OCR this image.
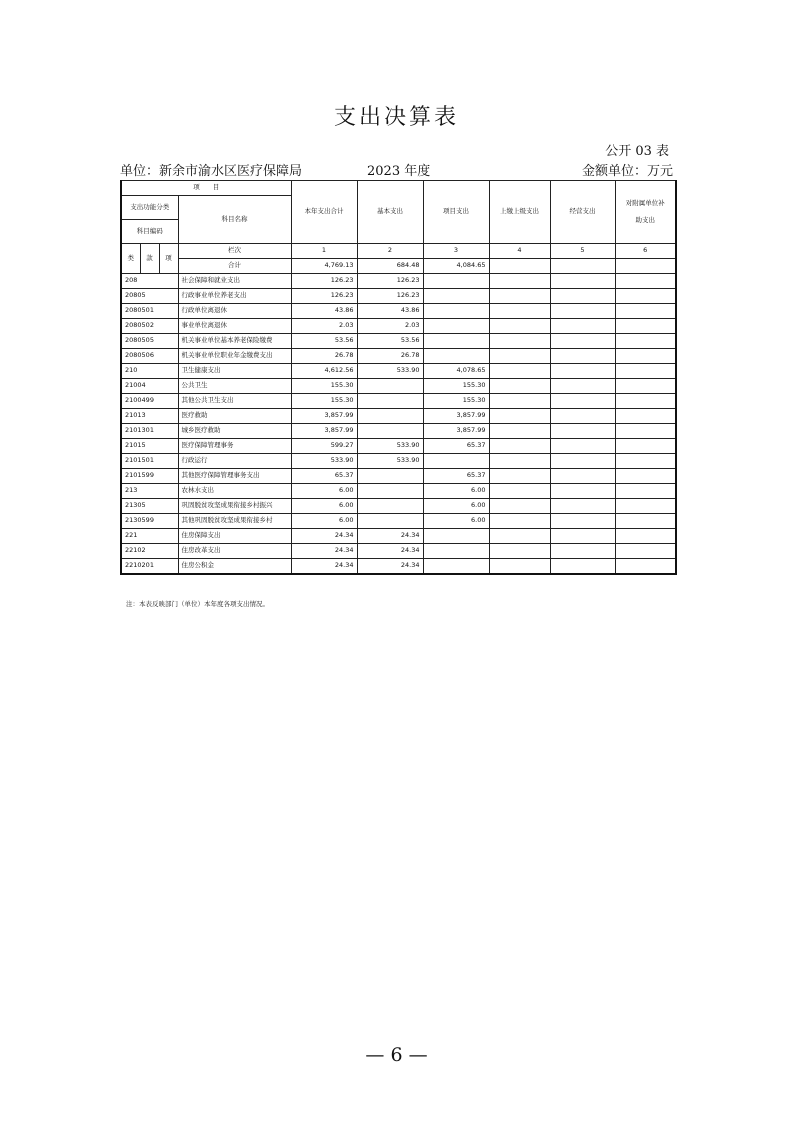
支出决算表
公开 03 表
单位：新余市渝水区医疗保障局	2023 年度	金额单位：万元
项　　目				本年支出合计	基本支出	项目支出	上缴上级支出	经营支出	对附属单位补
助支出

支出功能分类			科目名称						
科目编码									
类	款	项	栏次	1	2	3	4	5	6
			合计	4,769.13	684.48	4,084.65			
208			社会保障和就业支出	126.23	126.23				
20805			行政事业单位养老支出	126.23	126.23				
2080501			行政单位离退休	43.86	43.86				
2080502			事业单位离退休	2.03	2.03				
2080505			机关事业单位基本养老保险缴费	53.56	53.56				
2080506			机关事业单位职业年金缴费支出	26.78	26.78				
210			卫生健康支出	4,612.56	533.90	4,078.65			
21004			公共卫生	155.30		155.30			
2100499			其他公共卫生支出	155.30		155.30			
21013			医疗救助	3,857.99		3,857.99			
2101301			城乡医疗救助	3,857.99		3,857.99			
21015			医疗保障管理事务	599.27	533.90	65.37			
2101501			行政运行	533.90	533.90				
2101599			其他医疗保障管理事务支出	65.37		65.37			
213			农林水支出	6.00		6.00			
21305			巩固脱贫攻坚成果衔接乡村振兴	6.00		6.00			
2130599			其他巩固脱贫攻坚成果衔接乡村	6.00		6.00			
221			住房保障支出	24.34	24.34				
22102			住房改革支出	24.34	24.34				
2210201			住房公积金	24.34	24.34				
注：本表反映部门（单位）本年度各项支出情况。
— 6 —
